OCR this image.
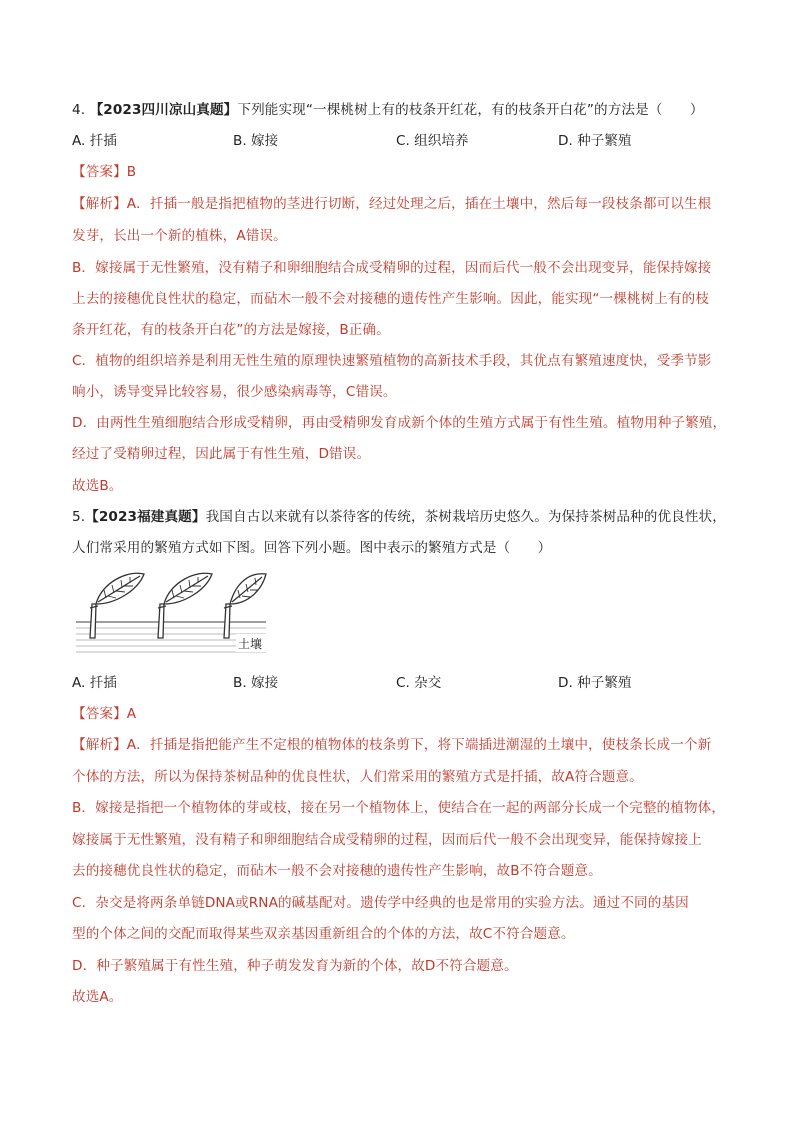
4. 【2023四川凉山真题】下列能实现“一棵桃树上有的枝条开红花，有的枝条开白花”的方法是（　　）
A. 扦插	B. 嫁接	C. 组织培养	D. 种子繁殖
【答案】B
【解析】A．扦插一般是指把植物的茎进行切断，经过处理之后，插在土壤中，然后每一段枝条都可以生根
发芽，长出一个新的植株，A错误。
B．嫁接属于无性繁殖，没有精子和卵细胞结合成受精卵的过程，因而后代一般不会出现变异，能保持嫁接
上去的接穗优良性状的稳定，而砧木一般不会对接穗的遗传性产生影响。因此，能实现“一棵桃树上有的枝
条开红花，有的枝条开白花”的方法是嫁接，B正确。
C．植物的组织培养是利用无性生殖的原理快速繁殖植物的高新技术手段，其优点有繁殖速度快，受季节影
响小，诱导变异比较容易，很少感染病毒等，C错误。
D．由两性生殖细胞结合形成受精卵，再由受精卵发育成新个体的生殖方式属于有性生殖。植物用种子繁殖，
经过了受精卵过程，因此属于有性生殖，D错误。
故选B。
5.【2023福建真题】我国自古以来就有以茶待客的传统，茶树栽培历史悠久。为保持茶树品种的优良性状，
人们常采用的繁殖方式如下图。回答下列小题。图中表示的繁殖方式是（　　）
土壤
A. 扦插	B. 嫁接	C. 杂交	D. 种子繁殖
【答案】A
【解析】A．扦插是指把能产生不定根的植物体的枝条剪下，将下端插进潮湿的土壤中，使枝条长成一个新
个体的方法，所以为保持茶树品种的优良性状，人们常采用的繁殖方式是扦插，故A符合题意。
B．嫁接是指把一个植物体的芽或枝，接在另一个植物体上，使结合在一起的两部分长成一个完整的植物体，
嫁接属于无性繁殖，没有精子和卵细胞结合成受精卵的过程，因而后代一般不会出现变异，能保持嫁接上
去的接穗优良性状的稳定，而砧木一般不会对接穗的遗传性产生影响，故B不符合题意。
C．杂交是将两条单链DNA或RNA的碱基配对。遗传学中经典的也是常用的实验方法。通过不同的基因
型的个体之间的交配而取得某些双亲基因重新组合的个体的方法，故C不符合题意。
D．种子繁殖属于有性生殖，种子萌发发育为新的个体，故D不符合题意。
故选A。
